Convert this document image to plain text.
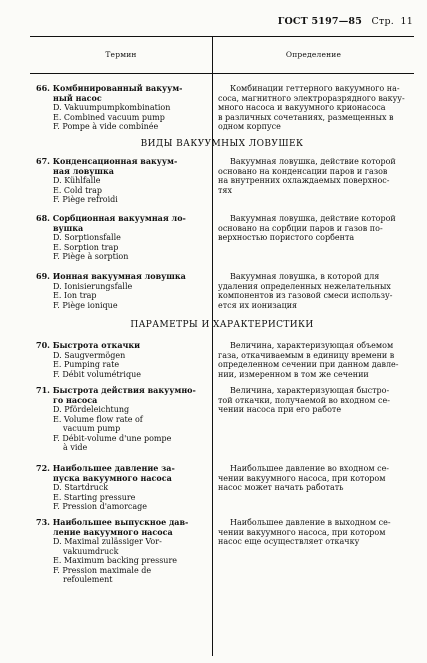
ГОСТ 5197—85 Стр. 11
Термин	Определение
66. Комбинированный вакуум-
ный насос
D. Vakuumpumpkombination
E. Combined vacuum pump
F. Pompe à vide combinée
Комбинации геттерного вакуумного на-
coca, магнитного электроразрядного вакуу-
много насоса и вакуумного крионасоса
в различных сочетаниях, размещенных в
одном корпусе
ВИДЫ ВАКУУМНЫХ ЛОВУШЕК
67. Конденсационная вакуум-
ная ловушка
D. Kühlfalle
E. Cold trap
F. Piège refroidi
Вакуумная ловушка, действие которой
основано на конденсации паров и газов
на внутренних охлаждаемых поверхнос-
тях
68. Сорбционная вакуумная ло-
вушка
D. Sorptionsfalle
E. Sorption trap
F. Piège à sorption
Вакуумная ловушка, действие которой
основано на сорбции паров и газов по-
верхностью пористого сорбента
69. Ионная вакуумная ловушка
D. Ionisierungsfalle
E. Ion trap
F. Piège ionique
Вакуумная ловушка, в которой для
удаления определенных нежелательных
компонентов из газовой смеси использу-
ется их ионизация
ПАРАМЕТРЫ И ХАРАКТЕРИСТИКИ
70. Быстрота откачки
D. Saugvermögen
E. Pumping rate
F. Débit volumétrique
Величина, характеризующая объемом
газа, откачиваемым в единицу времени в
определенном сечении при данном давле-
нии, измеренном в том же сечении
71. Быстрота действия вакуумно-
го насоса
D. Pfördeleichtung
E. Volume flow rate of
vacuum pump
F. Débit-volume d'une pompe
à vide
Величина, характеризующая быстро-
той откачки, получаемой во входном се-
чении насоса при его работе
72. Наибольшее давление за-
пуска вакуумного насоса
D. Startdruck
E. Starting pressure
F. Pression d'amorcage
Наибольшее давление во входном се-
чении вакуумного насоса, при котором
насос может начать работать
73. Наибольшее выпускное дав-
ление вакуумного насоса
D. Maximal zulässiger Vor-
vakuumdruck
E. Maximum backing pressure
F. Pression maximale de
refoulement
Наибольшее давление в выходном се-
чении вакуумного насоса, при котором
насос еще осуществляет откачку
